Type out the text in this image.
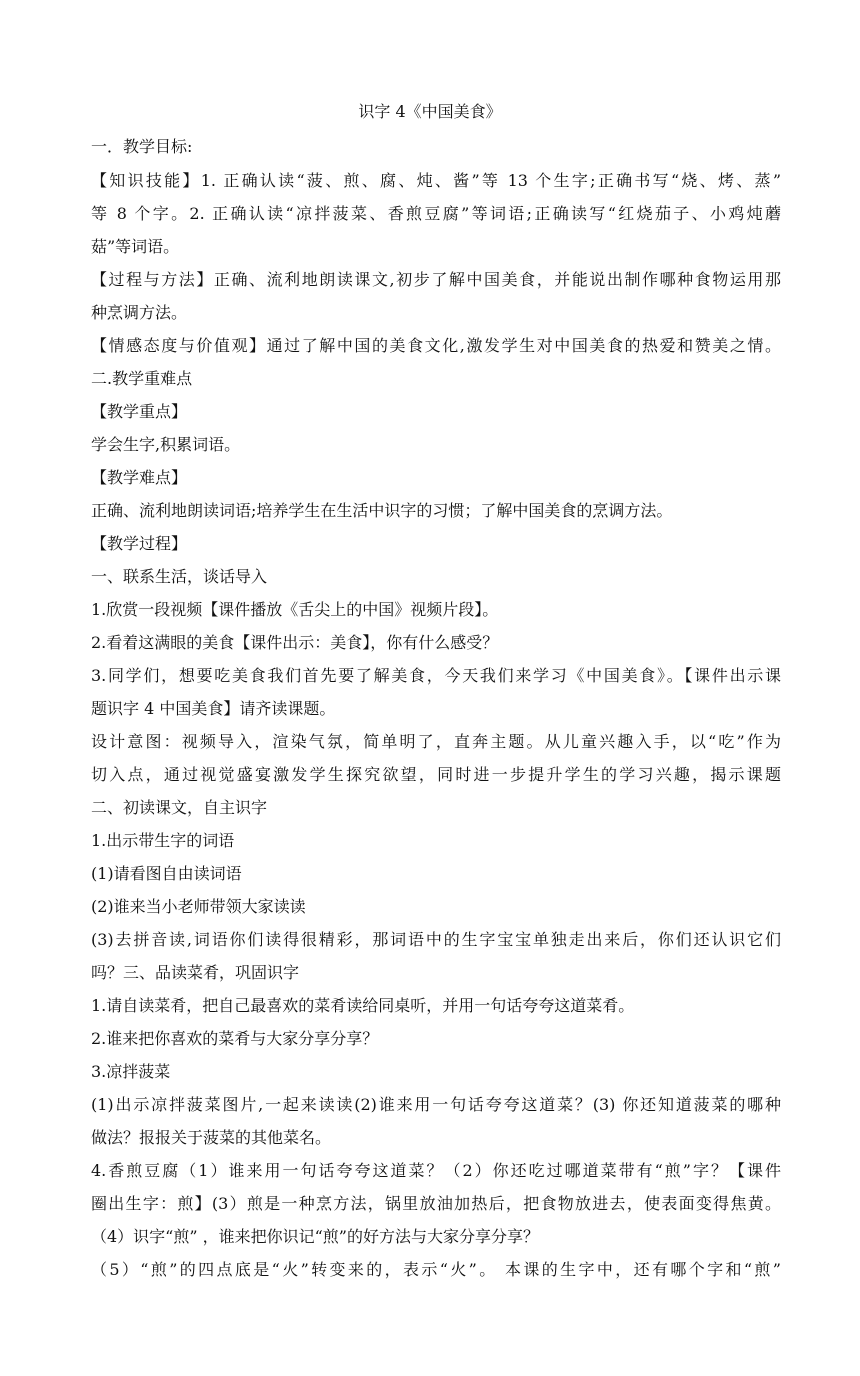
识字 4《中国美食》
一．教学目标:
【知识技能】1. 正确认读“菠、煎、腐、炖、酱”等 13 个生字;正确书写“烧、烤、蒸”
等 8 个字。2. 正确认读“凉拌菠菜、香煎豆腐”等词语;正确读写“红烧茄子、小鸡炖蘑
菇”等词语。
【过程与方法】正确、流利地朗读课文,初步了解中国美食，并能说出制作哪种食物运用那
种烹调方法。
【情感态度与价值观】通过了解中国的美食文化,激发学生对中国美食的热爱和赞美之情。
二.教学重难点
【教学重点】
学会生字,积累词语。
【教学难点】
正确、流利地朗读词语;培养学生在生活中识字的习惯；了解中国美食的烹调方法。
【教学过程】
一、联系生活，谈话导入
1.欣赏一段视频【课件播放《舌尖上的中国》视频片段】。
2.看着这满眼的美食【课件出示：美食】，你有什么感受？
3.同学们，想要吃美食我们首先要了解美食，今天我们来学习《中国美食》。【课件出示课
题识字 4 中国美食】请齐读课题。
设计意图：视频导入，渲染气氛，简单明了，直奔主题。从儿童兴趣入手，以“吃”作为
切入点，通过视觉盛宴激发学生探究欲望，同时进一步提升学生的学习兴趣，揭示课题
二、初读课文，自主识字
1.出示带生字的词语
(1)请看图自由读词语
(2)谁来当小老师带领大家读读
(3)去拼音读,词语你们读得很精彩，那词语中的生字宝宝单独走出来后，你们还认识它们
吗？三、品读菜肴，巩固识字
1.请自读菜肴，把自己最喜欢的菜肴读给同桌听，并用一句话夸夸这道菜肴。
2.谁来把你喜欢的菜肴与大家分享分享？
3.凉拌菠菜
(1)出示凉拌菠菜图片,一起来读读(2)谁来用一句话夸夸这道菜？(3) 你还知道菠菜的哪种
做法？报报关于菠菜的其他菜名。
4.香煎豆腐（1）谁来用一句话夸夸这道菜？（2）你还吃过哪道菜带有“煎”字？【课件
圈出生字：煎】(3）煎是一种烹方法，锅里放油加热后，把食物放进去，使表面变得焦黄。
（4）识字“煎” ，谁来把你识记“煎”的好方法与大家分享分享？
（5）“煎”的四点底是“火”转变来的，表示“火”。 本课的生字中，还有哪个字和“煎”
